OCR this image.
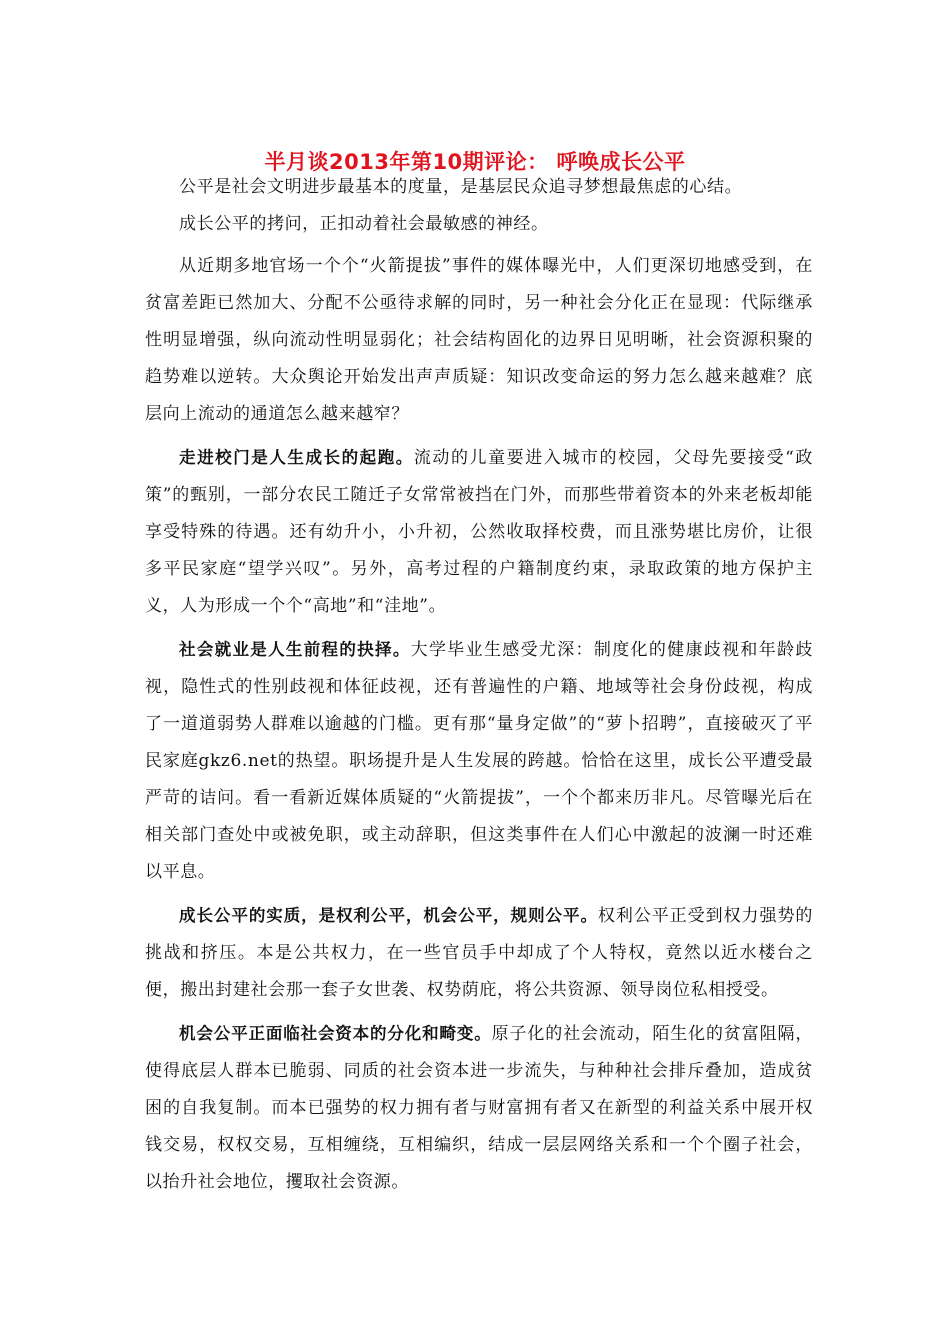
半月谈2013年第10期评论： 呼唤成长公平

公平是社会文明进步最基本的度量，是基层民众追寻梦想最焦虑的心结。

成长公平的拷问，正扣动着社会最敏感的神经。

从近期多地官场一个个“火箭提拔”事件的媒体曝光中，人们更深切地感受到，在贫富差距已然加大、分配不公亟待求解的同时，另一种社会分化正在显现：代际继承性明显增强，纵向流动性明显弱化；社会结构固化的边界日见明晰，社会资源积聚的趋势难以逆转。大众舆论开始发出声声质疑：知识改变命运的努力怎么越来越难？底层向上流动的通道怎么越来越窄？

走进校门是人生成长的起跑。流动的儿童要进入城市的校园，父母先要接受“政策”的甄别，一部分农民工随迁子女常常被挡在门外，而那些带着资本的外来老板却能享受特殊的待遇。还有幼升小，小升初，公然收取择校费，而且涨势堪比房价，让很多平民家庭“望学兴叹”。另外，高考过程的户籍制度约束，录取政策的地方保护主义，人为形成一个个“高地”和“洼地”。

社会就业是人生前程的抉择。大学毕业生感受尤深：制度化的健康歧视和年龄歧视，隐性式的性别歧视和体征歧视，还有普遍性的户籍、地域等社会身份歧视，构成了一道道弱势人群难以逾越的门槛。更有那“量身定做”的“萝卜招聘”，直接破灭了平民家庭gkz6.net的热望。职场提升是人生发展的跨越。恰恰在这里，成长公平遭受最严苛的诘问。看一看新近媒体质疑的“火箭提拔”，一个个都来历非凡。尽管曝光后在相关部门查处中或被免职，或主动辞职，但这类事件在人们心中激起的波澜一时还难以平息。

成长公平的实质，是权利公平，机会公平，规则公平。权利公平正受到权力强势的挑战和挤压。本是公共权力，在一些官员手中却成了个人特权，竟然以近水楼台之便，搬出封建社会那一套子女世袭、权势荫庇，将公共资源、领导岗位私相授受。

机会公平正面临社会资本的分化和畸变。原子化的社会流动，陌生化的贫富阻隔，使得底层人群本已脆弱、同质的社会资本进一步流失，与种种社会排斥叠加，造成贫困的自我复制。而本已强势的权力拥有者与财富拥有者又在新型的利益关系中展开权钱交易，权权交易，互相缠绕，互相编织，结成一层层网络关系和一个个圈子社会，以抬升社会地位，攫取社会资源。
